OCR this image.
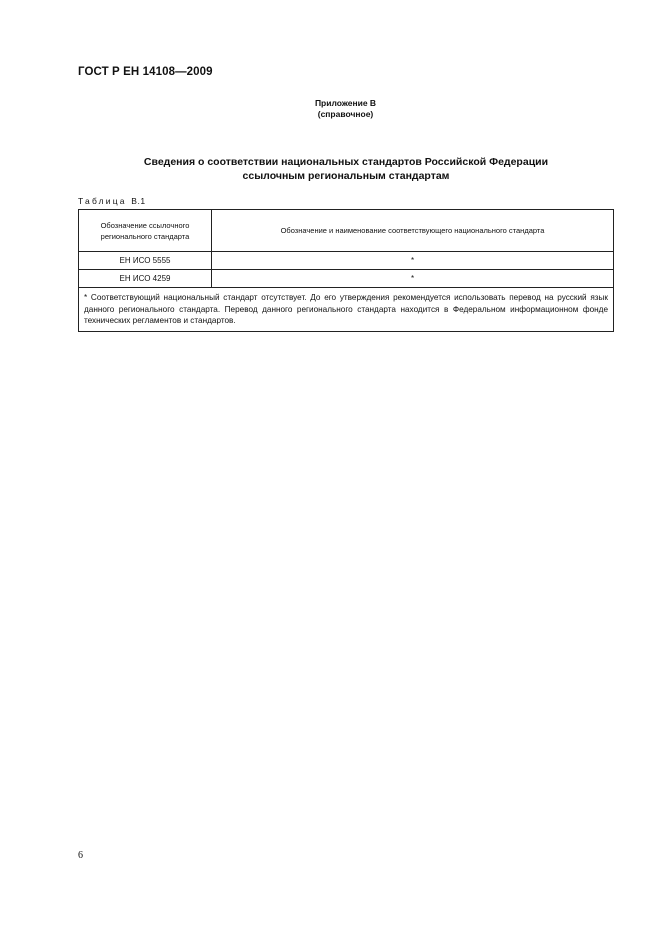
ГОСТ Р ЕН 14108—2009
Приложение В
(справочное)
Сведения о соответствии национальных стандартов Российской Федерации
ссылочным региональным стандартам
Таблица В.1
Обозначение ссылочного
регионального стандарта	Обозначение и наименование соответствующего национального стандарта
ЕН ИСО 5555	*
ЕН ИСО 4259	*
* Соответствующий национальный стандарт отсутствует. До его утверждения рекомендуется использовать перевод на русский язык данного регионального стандарта. Перевод данного регионального стандарта находится в Федеральном информационном фонде технических регламентов и стандартов.	
6
